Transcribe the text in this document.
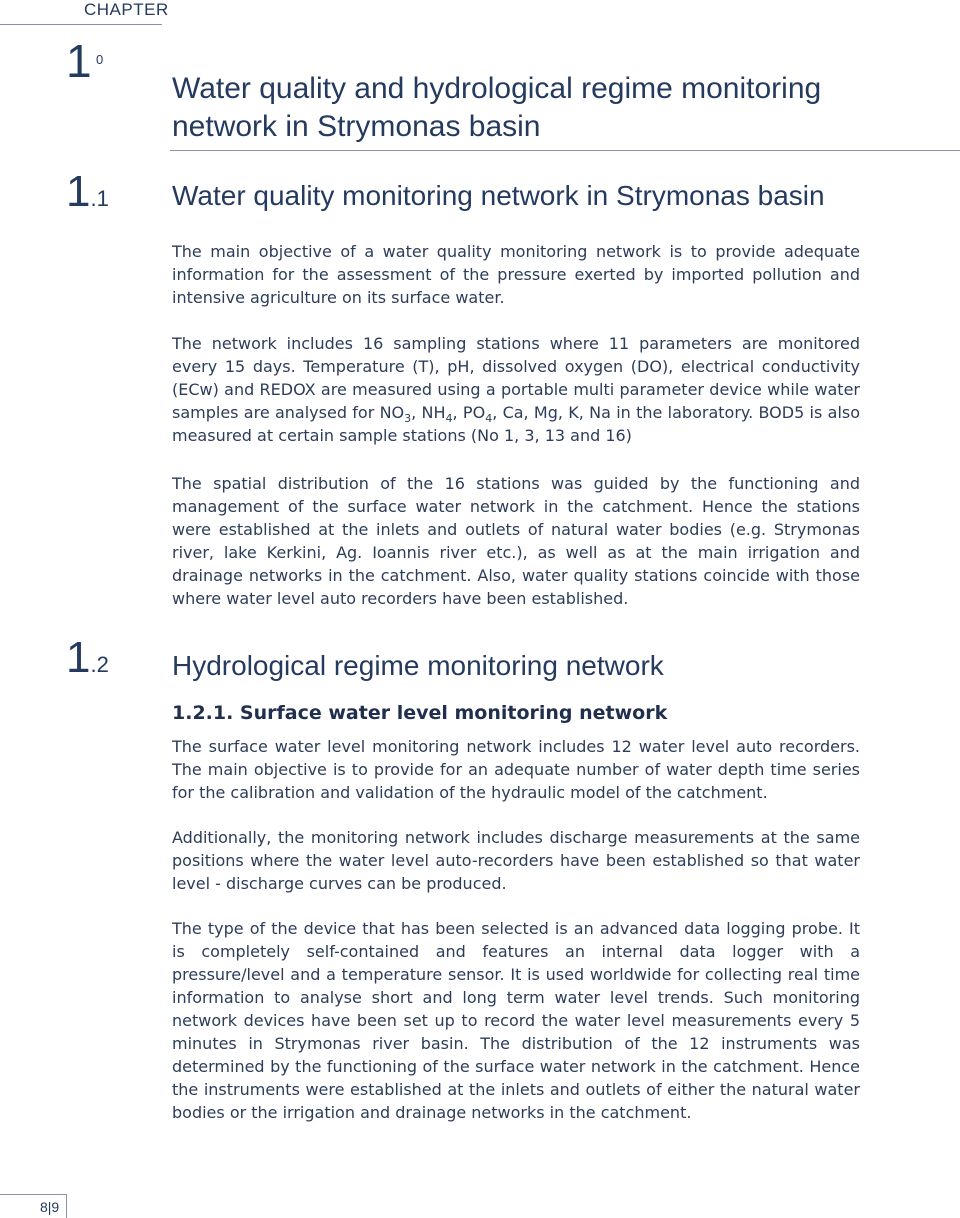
CHAPTER
1 0
Water quality and hydrological regime monitoring network in Strymonas basin
1.1 Water quality monitoring network in Strymonas basin

The main objective of a water quality monitoring network is to provide adequate information for the assessment of the pressure exerted by imported pollution and intensive agriculture on its surface water.

The network includes 16 sampling stations where 11 parameters are monitored every 15 days. Temperature (T), pH, dissolved oxygen (DO), electrical conductivity (ECw) and REDOX are measured using a portable multi parameter device while water samples are analysed for $NO_3$, $NH_4$, $PO_4$, Ca, Mg, K, Na in the laboratory. BOD5 is also measured at certain sample stations (No 1, 3, 13 and 16)

The spatial distribution of the 16 stations was guided by the functioning and management of the surface water network in the catchment. Hence the stations were established at the inlets and outlets of natural water bodies (e.g. Strymonas river, lake Kerkini, Ag. Ioannis river etc.), as well as at the main irrigation and drainage networks in the catchment. Also, water quality stations coincide with those where water level auto recorders have been established.

1.2 Hydrological regime monitoring network
1.2.1. Surface water level monitoring network

The surface water level monitoring network includes 12 water level auto recorders. The main objective is to provide for an adequate number of water depth time series for the calibration and validation of the hydraulic model of the catchment.

Additionally, the monitoring network includes discharge measurements at the same positions where the water level auto-recorders have been established so that water level - discharge curves can be produced.

The type of the device that has been selected is an advanced data logging probe. It is completely self-contained and features an internal data logger with a pressure/level and a temperature sensor. It is used worldwide for collecting real time information to analyse short and long term water level trends. Such monitoring network devices have been set up to record the water level measurements every 5 minutes in Strymonas river basin. The distribution of the 12 instruments was determined by the functioning of the surface water network in the catchment. Hence the instruments were established at the inlets and outlets of either the natural water bodies or the irrigation and drainage networks in the catchment.

8|9
